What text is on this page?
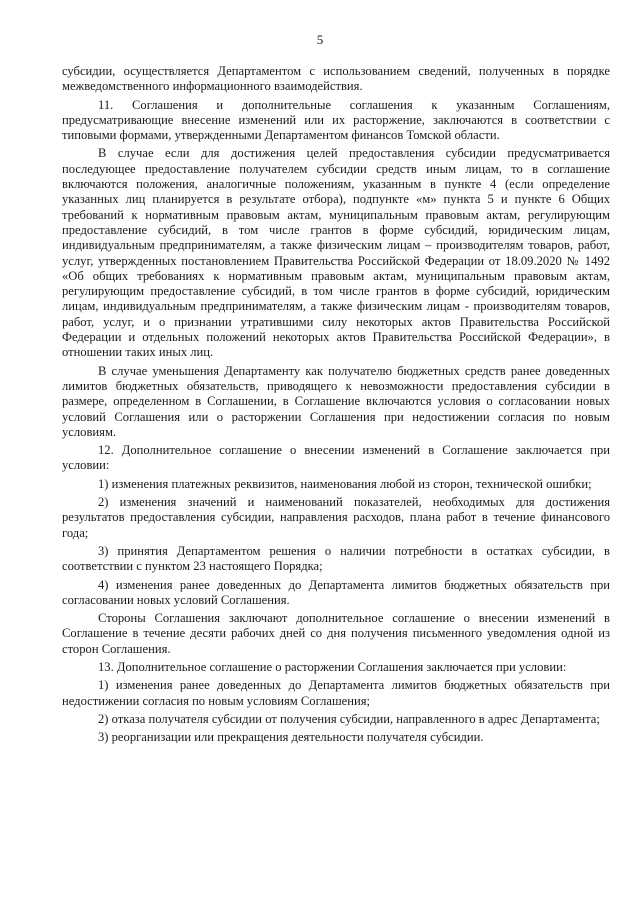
5

субсидии, осуществляется Департаментом с использованием сведений, полученных в порядке межведомственного информационного взаимодействия.

11. Соглашения и дополнительные соглашения к указанным Соглашениям, предусматривающие внесение изменений или их расторжение, заключаются в соответствии с типовыми формами, утвержденными Департаментом финансов Томской области.

В случае если для достижения целей предоставления субсидии предусматривается последующее предоставление получателем субсидии средств иным лицам, то в соглашение включаются положения, аналогичные положениям, указанным в пункте 4 (если определение указанных лиц планируется в результате отбора), подпункте «м» пункта 5 и пункте 6 Общих требований к нормативным правовым актам, муниципальным правовым актам, регулирующим предоставление субсидий, в том числе грантов в форме субсидий, юридическим лицам, индивидуальным предпринимателям, а также физическим лицам – производителям товаров, работ, услуг, утвержденных постановлением Правительства Российской Федерации от 18.09.2020 № 1492 «Об общих требованиях к нормативным правовым актам, муниципальным правовым актам, регулирующим предоставление субсидий, в том числе грантов в форме субсидий, юридическим лицам, индивидуальным предпринимателям, а также физическим лицам - производителям товаров, работ, услуг, и о признании утратившими силу некоторых актов Правительства Российской Федерации и отдельных положений некоторых актов Правительства Российской Федерации», в отношении таких иных лиц.

В случае уменьшения Департаменту как получателю бюджетных средств ранее доведенных лимитов бюджетных обязательств, приводящего к невозможности предоставления субсидии в размере, определенном в Соглашении, в Соглашение включаются условия о согласовании новых условий Соглашения или о расторжении Соглашения при недостижении согласия по новым условиям.

12. Дополнительное соглашение о внесении изменений в Соглашение заключается при условии:

1) изменения платежных реквизитов, наименования любой из сторон, технической ошибки;

2) изменения значений и наименований показателей, необходимых для достижения результатов предоставления субсидии, направления расходов, плана работ в течение финансового года;

3) принятия Департаментом решения о наличии потребности в остатках субсидии, в соответствии с пунктом 23 настоящего Порядка;

4) изменения ранее доведенных до Департамента лимитов бюджетных обязательств при согласовании новых условий Соглашения.

Стороны Соглашения заключают дополнительное соглашение о внесении изменений в Соглашение в течение десяти рабочих дней со дня получения письменного уведомления одной из сторон Соглашения.

13. Дополнительное соглашение о расторжении Соглашения заключается при условии:

1) изменения ранее доведенных до Департамента лимитов бюджетных обязательств при недостижении согласия по новым условиям Соглашения;

2) отказа получателя субсидии от получения субсидии, направленного в адрес Департамента;

3) реорганизации или прекращения деятельности получателя субсидии.
